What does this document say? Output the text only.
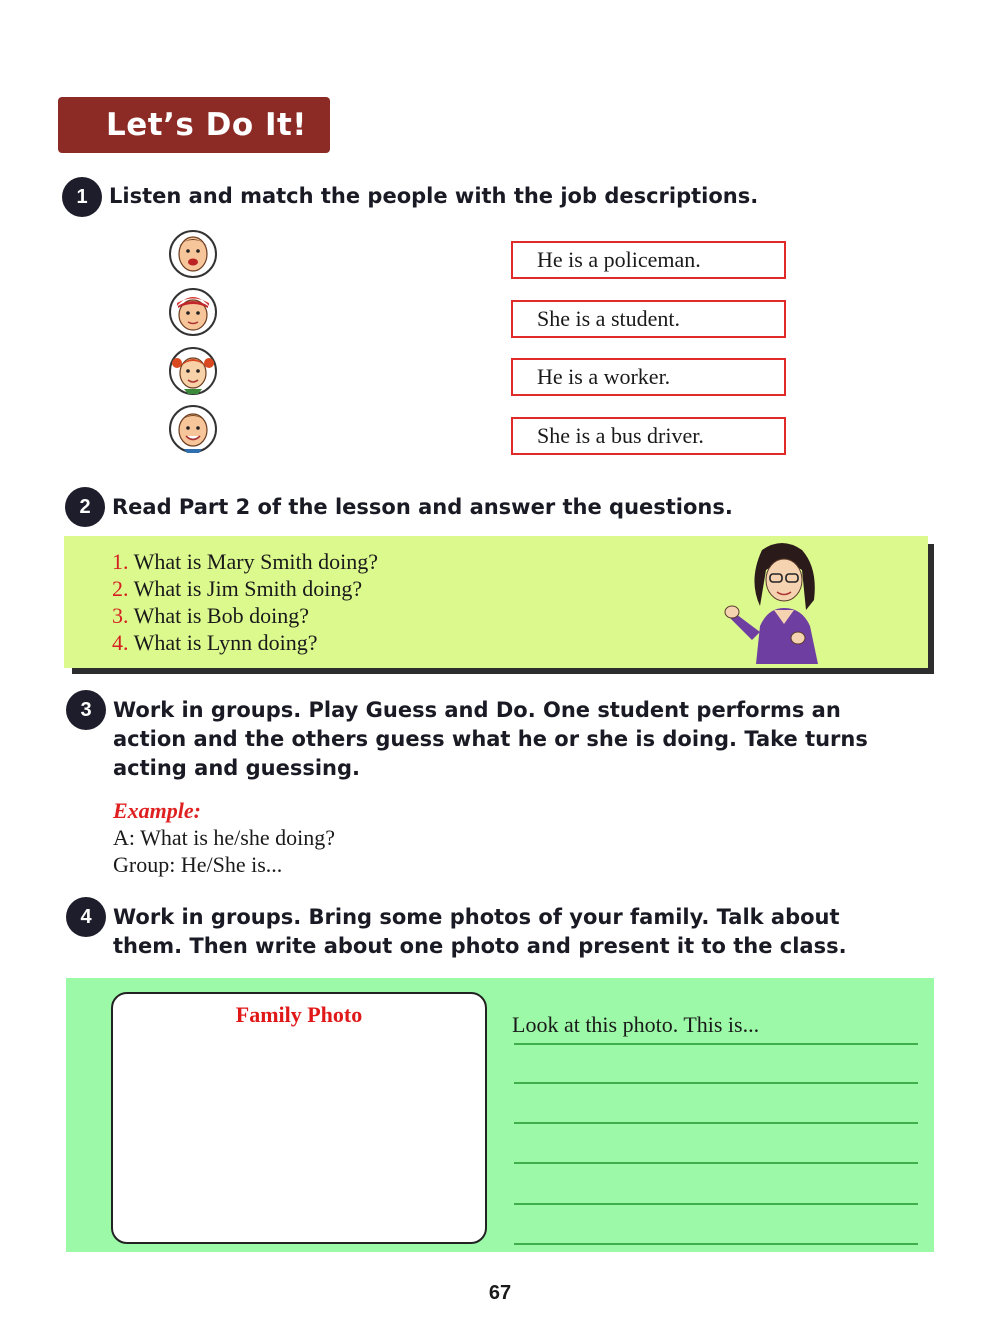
Let’s Do It!
1	Listen and match the people with the job descriptions.
He is a policeman.
She is a student.
He is a worker.
She is a bus driver.
2	Read Part 2 of the lesson and answer the questions.
1. What is Mary Smith doing?
2. What is Jim Smith doing?
3. What is Bob doing?
4. What is Lynn doing?
3	Work in groups. Play Guess and Do. One student performs an
action and the others guess what he or she is doing. Take turns
acting and guessing.
Example:
A: What is he/she doing?
Group: He/She is...
4	Work in groups. Bring some photos of your family. Talk about
them. Then write about one photo and present it to the class.
Family Photo	Look at this photo. This is...
67
